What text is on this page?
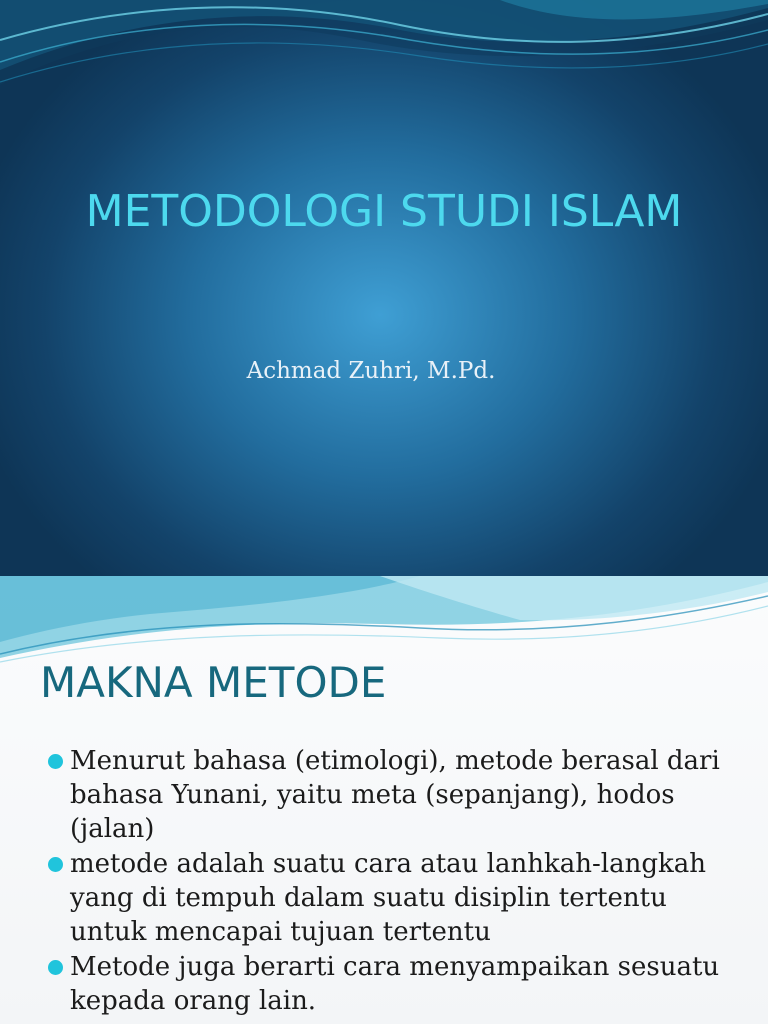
METODOLOGI STUDI ISLAM
Achmad Zuhri, M.Pd.
MAKNA METODE
Menurut bahasa (etimologi), metode berasal dari bahasa Yunani, yaitu meta (sepanjang), hodos (jalan)
metode adalah suatu cara atau lanhkah-langkah yang di tempuh dalam suatu disiplin tertentu untuk mencapai tujuan tertentu
Metode juga berarti cara menyampaikan sesuatu kepada orang lain.
